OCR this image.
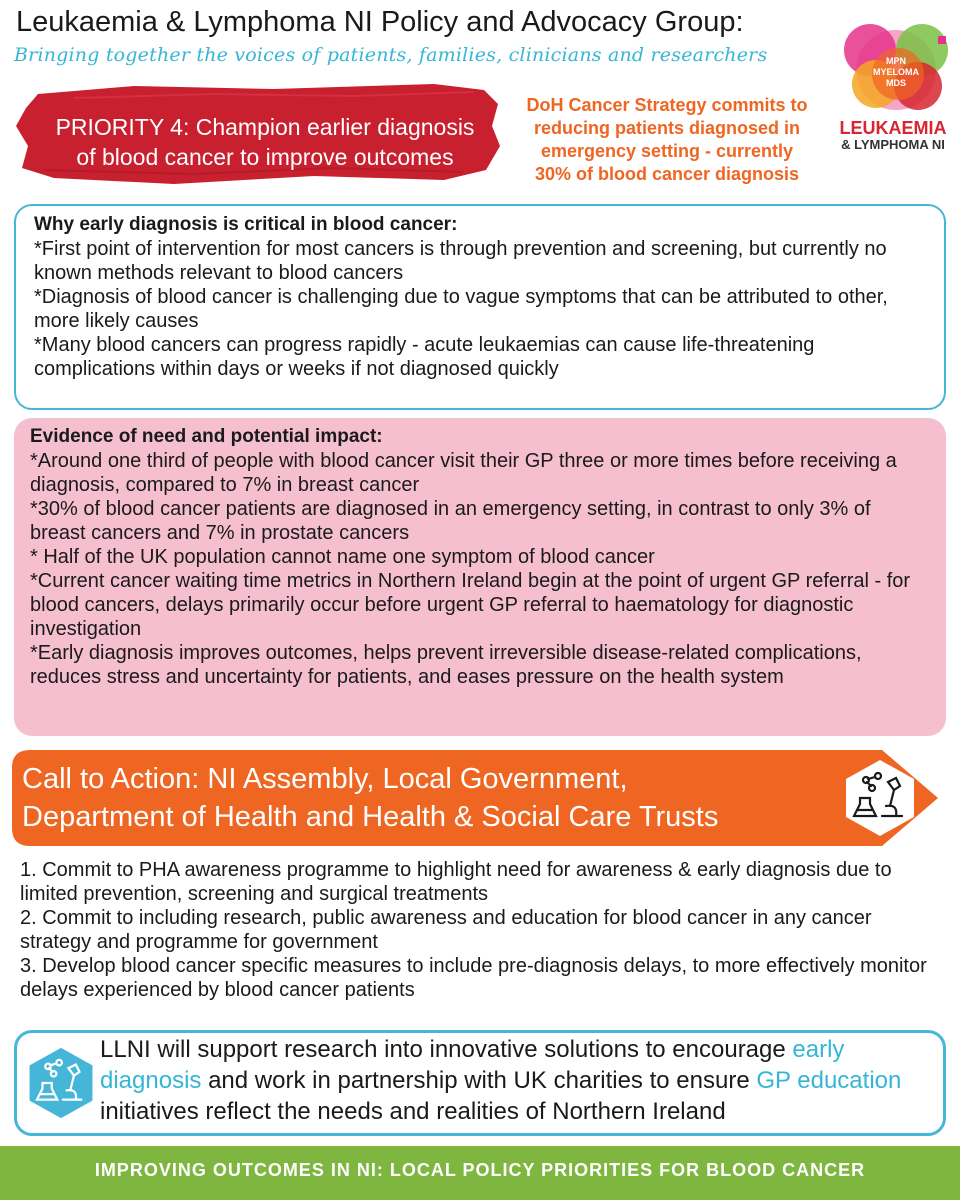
Leukaemia & Lymphoma NI Policy and Advocacy Group:
Bringing together the voices of patients, families, clinicians and researchers	MPN
MYELOMA
MDS
LEUKAEMIA
& LYMPHOMA NI
PRIORITY 4: Champion earlier diagnosis
of blood cancer to improve outcomes
DoH Cancer Strategy commits to
reducing patients diagnosed in
emergency setting - currently
30% of blood cancer diagnosis
Why early diagnosis is critical in blood cancer:
*First point of intervention for most cancers is through prevention and screening, but currently no known methods relevant to blood cancers
*Diagnosis of blood cancer is challenging due to vague symptoms that can be attributed to other, more likely causes
*Many blood cancers can progress rapidly - acute leukaemias can cause life-threatening complications within days or weeks if not diagnosed quickly
Evidence of need and potential impact:
*Around one third of people with blood cancer visit their GP three or more times before receiving a diagnosis, compared to 7% in breast cancer
*30% of blood cancer patients are diagnosed in an emergency setting, in contrast to only 3% of breast cancers and 7% in prostate cancers
* Half of the UK population cannot name one symptom of blood cancer
*Current cancer waiting time metrics in Northern Ireland begin at the point of urgent GP referral - for blood cancers, delays primarily occur before urgent GP referral to haematology for diagnostic investigation
*Early diagnosis improves outcomes, helps prevent irreversible disease-related complications, reduces stress and uncertainty for patients, and eases pressure on the health system
Call to Action: NI Assembly, Local Government,
Department of Health and Health & Social Care Trusts
1. Commit to PHA awareness programme to highlight need for awareness & early diagnosis due to limited prevention, screening and surgical treatments
2. Commit to including research, public awareness and education for blood cancer in any cancer strategy and programme for government
3. Develop blood cancer specific measures to include pre-diagnosis delays, to more effectively monitor delays experienced by blood cancer patients
LLNI will support research into innovative solutions to encourage early diagnosis and work in partnership with UK charities to ensure GP education initiatives reflect the needs and realities of Northern Ireland
IMPROVING OUTCOMES IN NI: LOCAL POLICY PRIORITIES FOR BLOOD CANCER
